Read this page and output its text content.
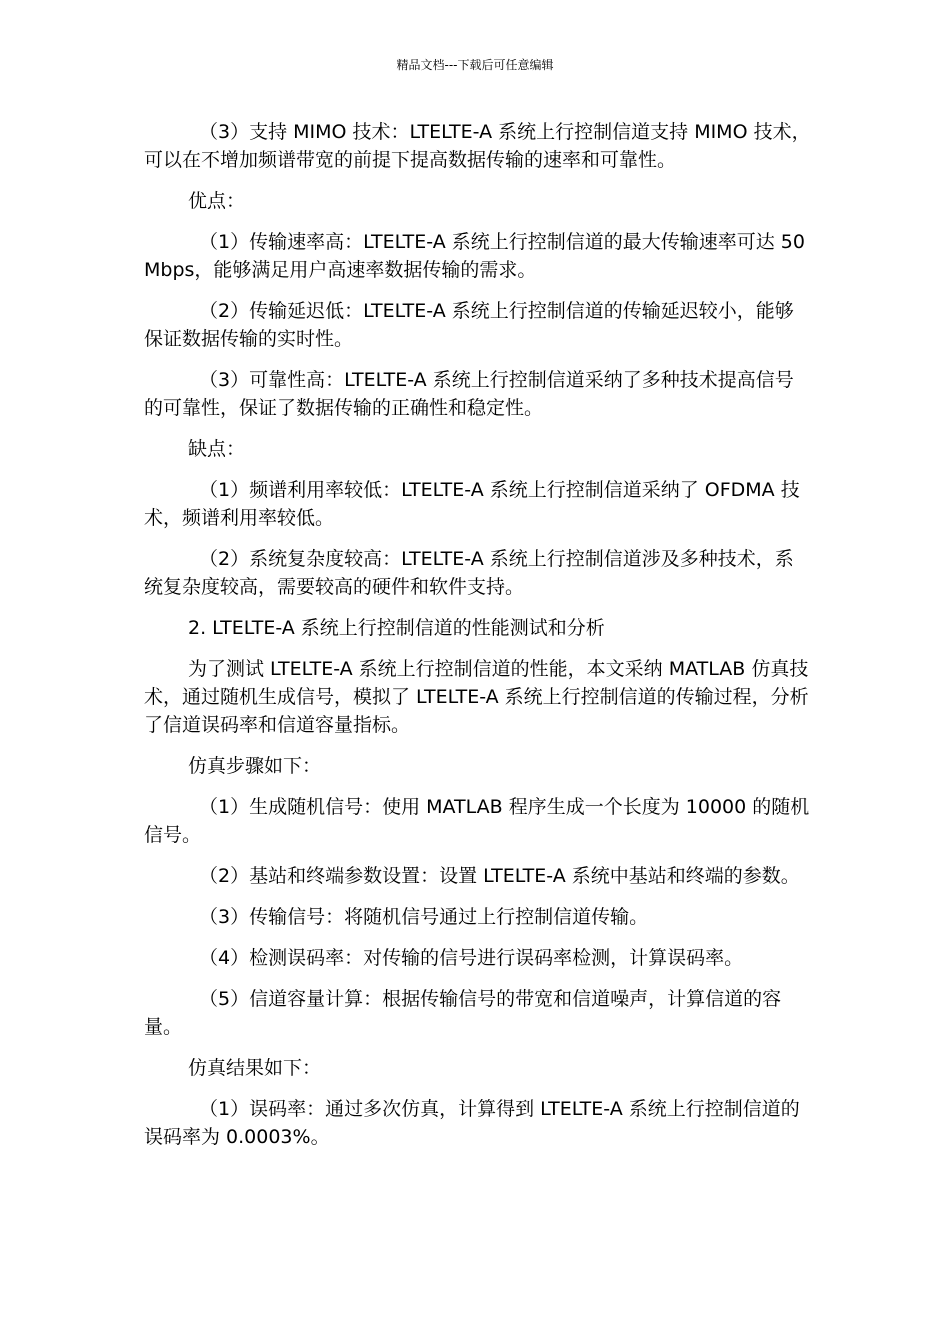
精品文档---下载后可任意编辑

（3）支持 MIMO 技术：LTELTE-A 系统上行控制信道支持 MIMO 技术，可以在不增加频谱带宽的前提下提高数据传输的速率和可靠性。

优点：

（1）传输速率高：LTELTE-A 系统上行控制信道的最大传输速率可达 50Mbps，能够满足用户高速率数据传输的需求。

（2）传输延迟低：LTELTE-A 系统上行控制信道的传输延迟较小，能够保证数据传输的实时性。

（3）可靠性高：LTELTE-A 系统上行控制信道采纳了多种技术提高信号的可靠性，保证了数据传输的正确性和稳定性。

缺点：

（1）频谱利用率较低：LTELTE-A 系统上行控制信道采纳了 OFDMA 技术，频谱利用率较低。

（2）系统复杂度较高：LTELTE-A 系统上行控制信道涉及多种技术，系统复杂度较高，需要较高的硬件和软件支持。

2. LTELTE-A 系统上行控制信道的性能测试和分析

为了测试 LTELTE-A 系统上行控制信道的性能，本文采纳 MATLAB 仿真技术，通过随机生成信号，模拟了 LTELTE-A 系统上行控制信道的传输过程，分析了信道误码率和信道容量指标。

仿真步骤如下：

（1）生成随机信号：使用 MATLAB 程序生成一个长度为 10000 的随机信号。

（2）基站和终端参数设置：设置 LTELTE-A 系统中基站和终端的参数。

（3）传输信号：将随机信号通过上行控制信道传输。

（4）检测误码率：对传输的信号进行误码率检测，计算误码率。

（5）信道容量计算：根据传输信号的带宽和信道噪声，计算信道的容量。

仿真结果如下：

（1）误码率：通过多次仿真，计算得到 LTELTE-A 系统上行控制信道的误码率为 0.0003%。
